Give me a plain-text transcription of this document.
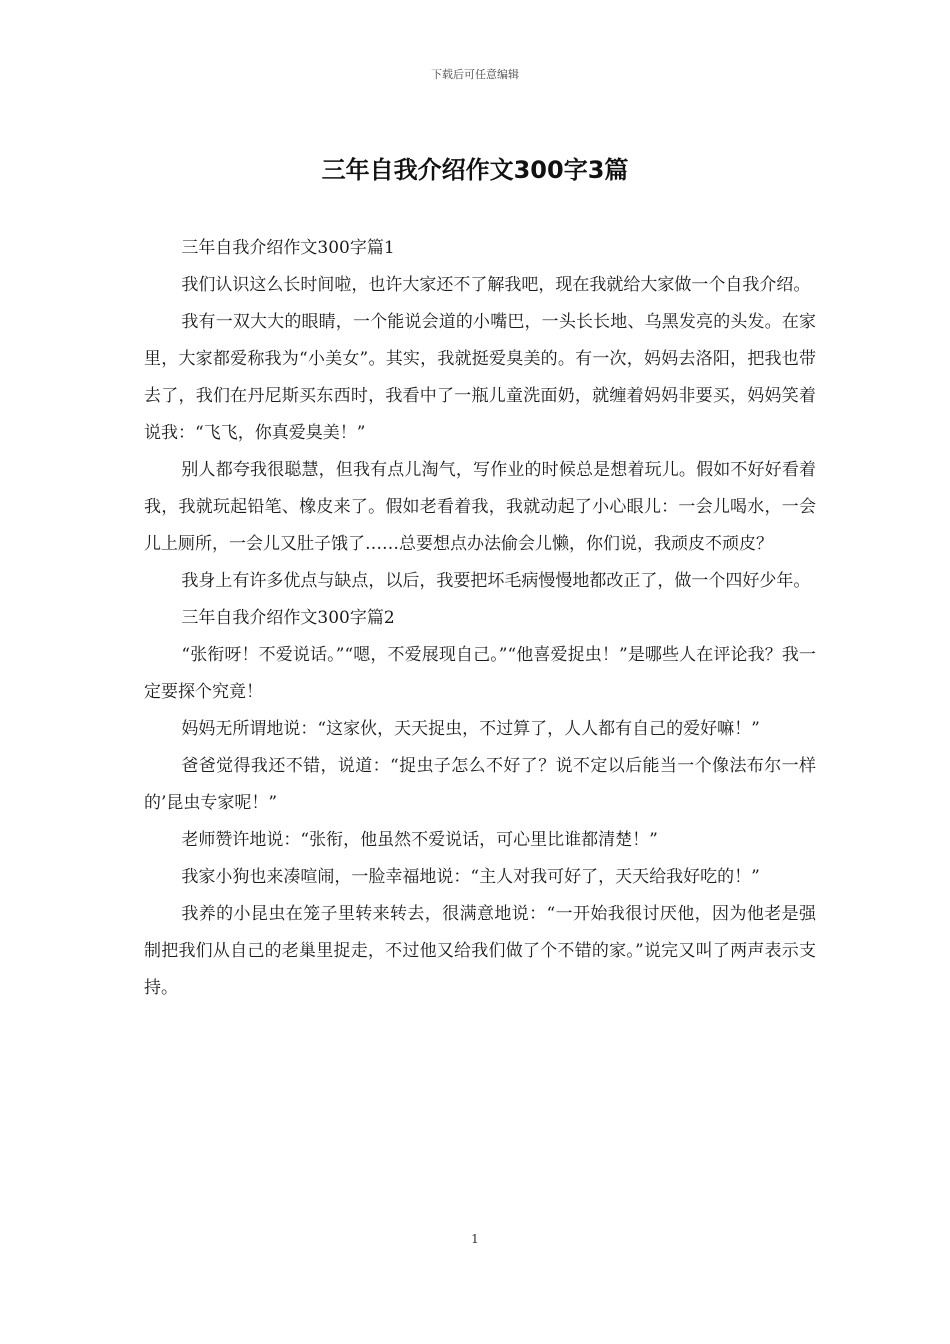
下载后可任意编辑
三年自我介绍作文300字3篇

三年自我介绍作文300字篇1

我们认识这么长时间啦，也许大家还不了解我吧，现在我就给大家做一个自我介绍。

我有一双大大的眼睛，一个能说会道的小嘴巴，一头长长地、乌黑发亮的头发。在家里，大家都爱称我为“小美女”。其实，我就挺爱臭美的。有一次，妈妈去洛阳，把我也带去了，我们在丹尼斯买东西时，我看中了一瓶儿童洗面奶，就缠着妈妈非要买，妈妈笑着说我：“飞飞，你真爱臭美！”

别人都夸我很聪慧，但我有点儿淘气，写作业的时候总是想着玩儿。假如不好好看着我，我就玩起铅笔、橡皮来了。假如老看着我，我就动起了小心眼儿：一会儿喝水，一会儿上厕所，一会儿又肚子饿了……总要想点办法偷会儿懒，你们说，我顽皮不顽皮？

我身上有许多优点与缺点，以后，我要把坏毛病慢慢地都改正了，做一个四好少年。

三年自我介绍作文300字篇2

“张衔呀！不爱说话。”“嗯，不爱展现自己。”“他喜爱捉虫！”是哪些人在评论我？我一定要探个究竟！

妈妈无所谓地说：“这家伙，天天捉虫，不过算了，人人都有自己的爱好嘛！”

爸爸觉得我还不错，说道：“捉虫子怎么不好了？说不定以后能当一个像法布尔一样的’昆虫专家呢！”

老师赞许地说：“张衔，他虽然不爱说话，可心里比谁都清楚！”

我家小狗也来凑喧闹，一脸幸福地说：“主人对我可好了，天天给我好吃的！”

我养的小昆虫在笼子里转来转去，很满意地说：“一开始我很讨厌他，因为他老是强制把我们从自己的老巢里捉走，不过他又给我们做了个不错的家。”说完又叫了两声表示支持。

1
